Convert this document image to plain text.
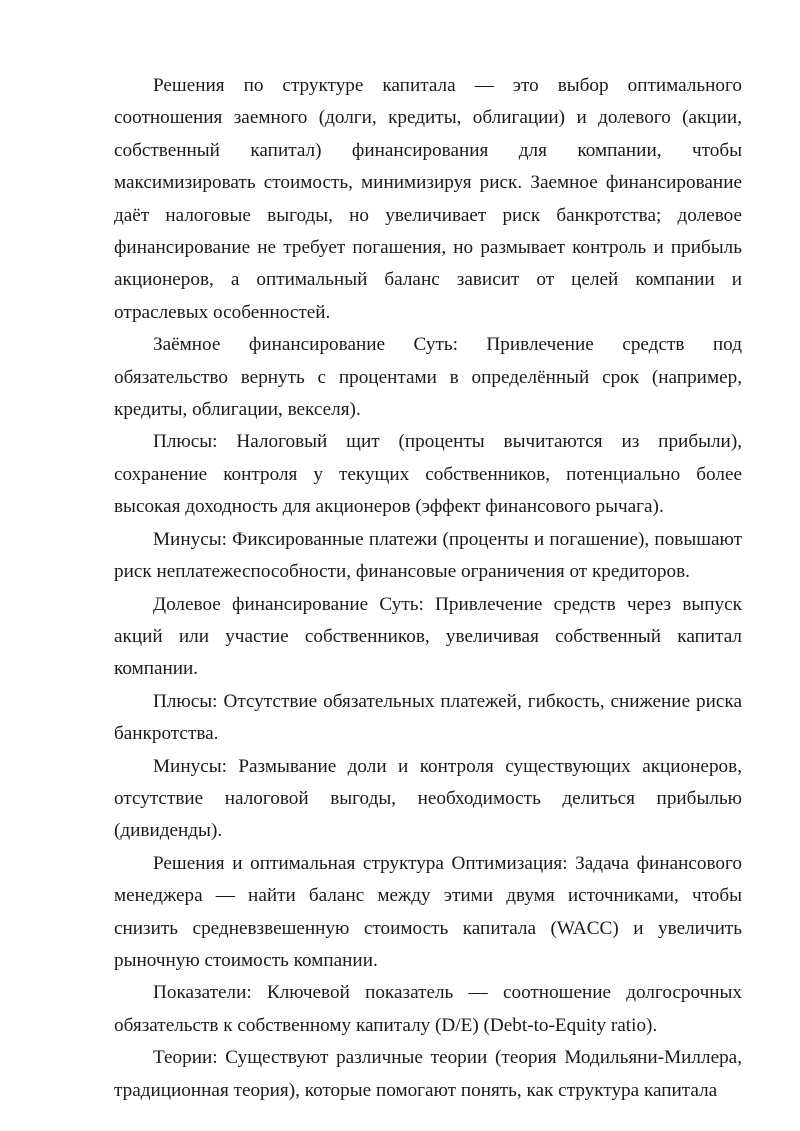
Решения по структуре капитала — это выбор оптимального соотношения заемного (долги, кредиты, облигации) и долевого (акции, собственный капитал) финансирования для компании, чтобы максимизировать стоимость, минимизируя риск. Заемное финансирование даёт налоговые выгоды, но увеличивает риск банкротства; долевое финансирование не требует погашения, но размывает контроль и прибыль акционеров, а оптимальный баланс зависит от целей компании и отраслевых особенностей.

Заёмное финансирование Суть: Привлечение средств под обязательство вернуть с процентами в определённый срок (например, кредиты, облигации, векселя).

Плюсы: Налоговый щит (проценты вычитаются из прибыли), сохранение контроля у текущих собственников, потенциально более высокая доходность для акционеров (эффект финансового рычага).

Минусы: Фиксированные платежи (проценты и погашение), повышают риск неплатежеспособности, финансовые ограничения от кредиторов.

Долевое финансирование Суть: Привлечение средств через выпуск акций или участие собственников, увеличивая собственный капитал компании.

Плюсы: Отсутствие обязательных платежей, гибкость, снижение риска банкротства.

Минусы: Размывание доли и контроля существующих акционеров, отсутствие налоговой выгоды, необходимость делиться прибылью (дивиденды).

Решения и оптимальная структура Оптимизация: Задача финансового менеджера — найти баланс между этими двумя источниками, чтобы снизить средневзвешенную стоимость капитала (WACC) и увеличить рыночную стоимость компании.

Показатели: Ключевой показатель — соотношение долгосрочных обязательств к собственному капиталу (D/E) (Debt-to-Equity ratio).

Теории: Существуют различные теории (теория Модильяни-Миллера, традиционная теория), которые помогают понять, как структура капитала
